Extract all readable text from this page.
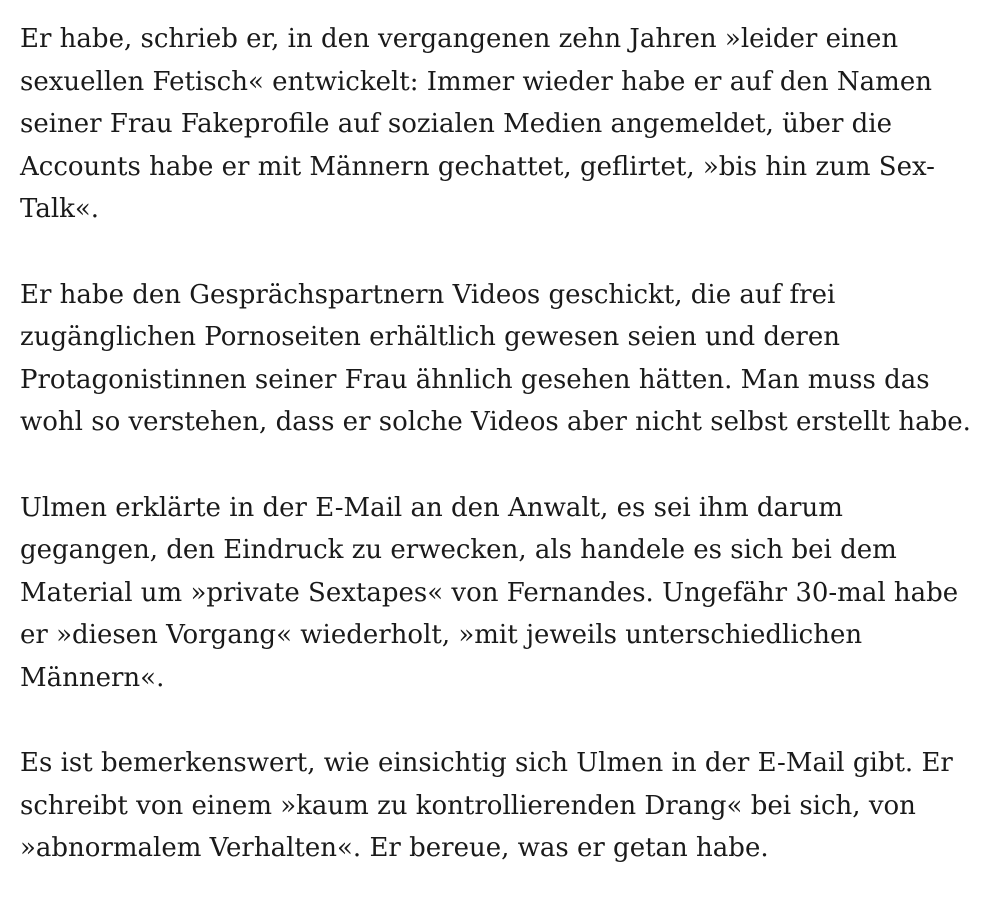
Er habe, schrieb er, in den vergangenen zehn Jahren »leider einen
sexuellen Fetisch« entwickelt: Immer wieder habe er auf den Namen
seiner Frau Fakeprofile auf sozialen Medien angemeldet, über die
Accounts habe er mit Männern gechattet, geflirtet, »bis hin zum Sex-
Talk«.

Er habe den Gesprächspartnern Videos geschickt, die auf frei
zugänglichen Pornoseiten erhältlich gewesen seien und deren
Protagonistinnen seiner Frau ähnlich gesehen hätten. Man muss das
wohl so verstehen, dass er solche Videos aber nicht selbst erstellt habe.

Ulmen erklärte in der E-Mail an den Anwalt, es sei ihm darum
gegangen, den Eindruck zu erwecken, als handele es sich bei dem
Material um »private Sextapes« von Fernandes. Ungefähr 30-mal habe
er »diesen Vorgang« wiederholt, »mit jeweils unterschiedlichen
Männern«.

Es ist bemerkenswert, wie einsichtig sich Ulmen in der E-Mail gibt. Er
schreibt von einem »kaum zu kontrollierenden Drang« bei sich, von
»abnormalem Verhalten«. Er bereue, was er getan habe.
